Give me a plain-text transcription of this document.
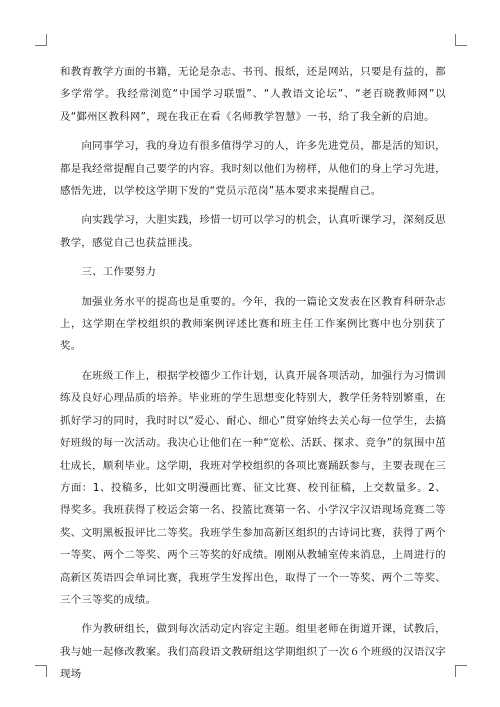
和教育教学方面的书籍，无论是杂志、书刊、报纸，还是网站，只要是有益的，都多学常学。我经常浏览“中国学习联盟”、“人教语文论坛”、“老百晓教师网”以及“鄞州区教科网”，现在我正在看《名师教学智慧》一书，给了我全新的启迪。

　　向同事学习，我的身边有很多值得学习的人，许多先进党员，都是活的知识，都是我经常提醒自己要学的内容。我时刻以他们为榜样，从他们的身上学习先进，感悟先进，以学校这学期下发的“党员示范岗”基本要求来提醒自己。

　　向实践学习，大胆实践，珍惜一切可以学习的机会，认真听课学习，深刻反思教学，感觉自己也获益匪浅。

　　三、工作要努力

　　加强业务水平的提高也是重要的。今年，我的一篇论文发表在区教育科研杂志上，这学期在学校组织的教师案例评述比赛和班主任工作案例比赛中也分别获了奖。

　　在班级工作上，根据学校德少工作计划，认真开展各项活动，加强行为习惯训练及良好心理品质的培养。毕业班的学生思想变化特别大，教学任务特别繁重，在抓好学习的同时，我时时以“爱心、耐心、细心”贯穿始终去关心每一位学生，去搞好班级的每一次活动。我决心让他们在一种“宽松、活跃、探求、竞争”的氛围中茁壮成长，顺利毕业。这学期，我班对学校组织的各项比赛踊跃参与，主要表现在三方面：1、投稿多，比如文明漫画比赛、征文比赛、校刊征稿，上交数量多。2、得奖多。我班获得了校运会第一名、投篮比赛第一名、小学汉字汉语现场竞赛二等奖、文明黑板报评比二等奖。我班学生参加高新区组织的古诗词比赛，获得了两个一等奖、两个二等奖、两个三等奖的好成绩。刚刚从教辅室传来消息，上周进行的高新区英语四会单词比赛，我班学生发挥出色，取得了一个一等奖、两个二等奖、三个三等奖的成绩。

　　作为教研组长，做到每次活动定内容定主题。组里老师在街道开课，试教后，我与她一起修改教案。我们高段语文教研组这学期组织了一次６个班级的汉语汉字现场
